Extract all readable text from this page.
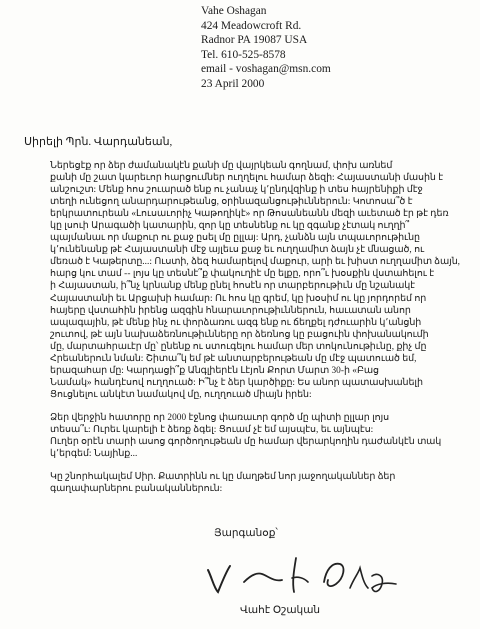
Vahe Oshagan
424 Meadowcroft Rd.
Radnor PA 19087 USA
Tel. 610-525-8578
email - voshagan@msn.com
23 April 2000
Սիրելի Պրն. Վարդանեան,

Ներեցէք որ ձեր ժամանակէն քանի մը վայրկեան գողնամ, փոխ առնեմ
քանի մը շատ կարեւոր հարցումներ ուղղելու համար ձեզի: Հայաստանի մասին է
անշուշտ: Մենք հոս շուարած ենք ու չանաչ կ՚ընդվզինք ի տես հայրենիքի մէջ
տեղի ունեցող անարդարութեանց, օրինազանցութիւններուն: Կոտոսա՞ծ է
երկրատուրեան «Լուսաւորիչ Կաթողիկէ» որ Թոսանեանն մեզի աւետած էր թէ դեռ
կը լսուի Արագածի կատարին, զոր կը տեսնենք ու կը զգանք չէտակ ուղղի՞
պայմանաւ որ մաքուր ու քաջ ըսել մը ըլլայ: Արդ, չանձն այն տպաւորութիւնը
կ՚ունենանք թէ Հայաստանի մէջ այլեւս քաջ եւ ուղղամիտ ձայն չէ մնացած, ու
մեռած է Կաթերտը...: Ուստի, ձեզ համարելով մաքուր, արի եւ խիստ ուղղամիտ ձայն,
հարց կու տամ -- լոյս կը տեսնէ՞ք փակուղիէ մը ելքը, որո՞ւ խօսքին վստահելու է
ի Հայաստան, ի՞նչ կրնանք մենք ընել հոսէն որ տարբերութիւն մը նշանակէ
Հայաստանի եւ Արցախի համար: Ու հոս կը գրեմ, կը խօսիմ ու կը յորդորեմ որ
հայերը վստահին իրենց ազգին հնարաւորութիւններուն, հաւատան անոր
ապագային, թէ մենք ինչ ու փորձառու ազգ ենք ու ճեղքել դժուարին կ՚անցնի
շուտով, թէ այն նախաձեռնութիւնները որ ձեռնոց կը բացուին փոխանակումի
մը, մարտահրաւէր մը՝ ընենք ու ստուգելու համար մեր տոկունութիւնը, քիչ մը
Հրեաներուն նման: Շիտա՞կ եմ թէ անտարբերութեան մը մէջ պատուած եմ,
երազահար մը: Կարդացի՞ք Անգլիերէն Լէյոն Քորտ Մարտ 30-ի «Բաց
Նամակ» հանդէսով ուղղուած: Ի՞նչ է ձեր կարծիքը: Ես անոր պատասխանելի
Ցուցնելու անկէտ նամակով մը, ուղղուած միայն իրեն:

Ձեր վերջին հատորը որ 2000 էջնոց փառաւոր գործ մը պիտի ըլլար լոյս
տեսա՞ւ: Ուրեւ կարելի է ձեռք ձգել: Ցուամ չէ եմ այսպէս, եւ այնպէս:
Ուղեր օրէն տարի ասոց գործողութեան մը համար վերարկողին դաժանկէն տակ
կ՚երգեմ: Նայինք...

Կը շնորհակալեմ Սիր. Քատրինն ու կը մաղթեմ նոր յաջողականներ ձեր
գաղափարներու բանականներուն:

Յարգանօք՝
Վահէ Օշական
